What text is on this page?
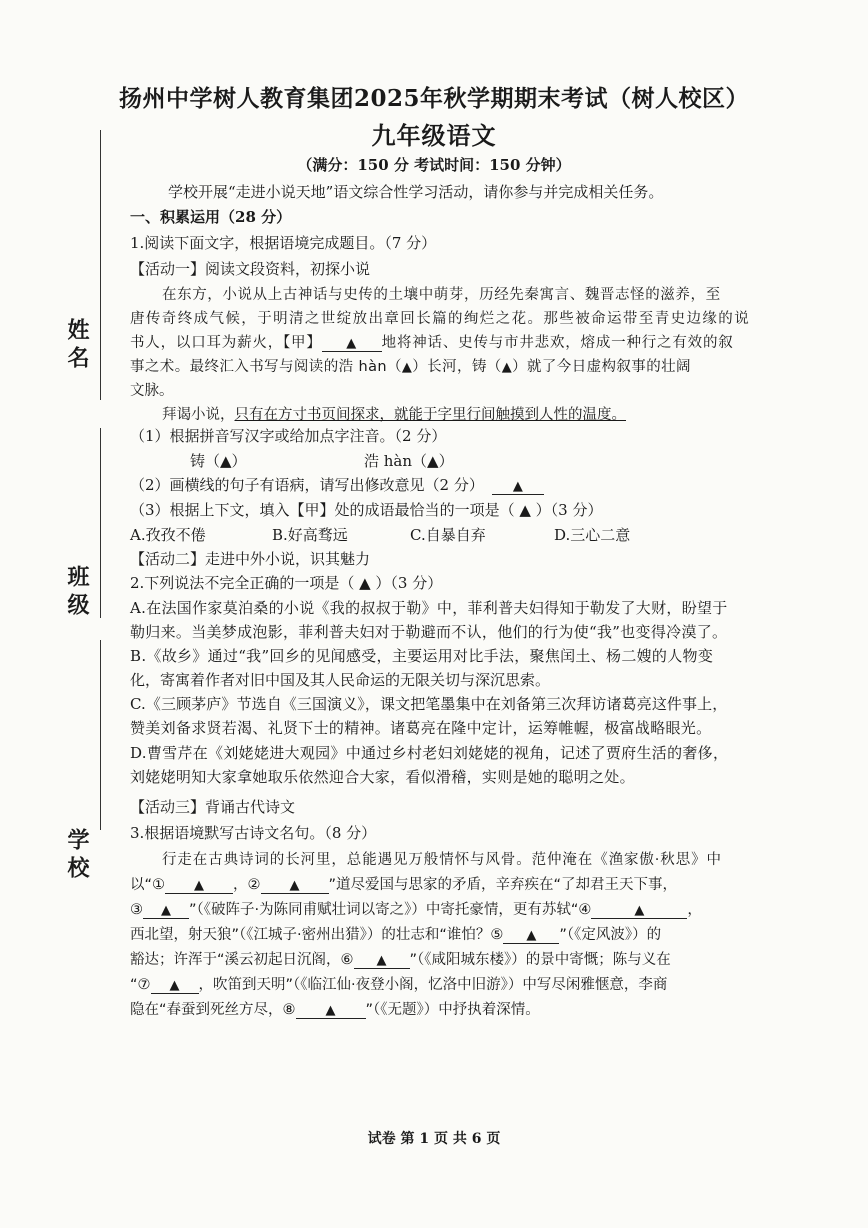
姓名
班级
学校
扬州中学树人教育集团2025年秋学期期末考试（树人校区）
九年级语文
（满分：150 分 考试时间：150 分钟）
学校开展“走进小说天地”语文综合性学习活动，请你参与并完成相关任务。
一、积累运用（28 分）
1.阅读下面文字，根据语境完成题目。（7 分）
【活动一】阅读文段资料，初探小说
在东方，小说从上古神话与史传的土壤中萌芽，历经先秦寓言、魏晋志怪的滋养，至
唐传奇终成气候，于明清之世绽放出章回长篇的绚烂之花。那些被命运带至青史边缘的说
书人，以口耳为薪火，【甲】 ▲ 地将神话、史传与市井悲欢，熔成一种行之有效的叙
事之术。最终汇入书写与阅读的浩 hàn（▲）长河，铸（▲）就了今日虚构叙事的壮阔
文脉。
拜谒小说，只有在方寸书页间探求，就能于字里行间触摸到人性的温度。
（1）根据拼音写汉字或给加点字注音。（2 分）
铸（▲）	浩 hàn（▲）
（2）画横线的句子有语病，请写出修改意见（2 分） ▲
（3）根据上下文，填入【甲】处的成语最恰当的一项是（ ▲ ）（3 分）
A.孜孜不倦	B.好高骛远	C.自暴自弃	D.三心二意
【活动二】走进中外小说，识其魅力
2.下列说法不完全正确的一项是（ ▲ ）（3 分）
A.在法国作家莫泊桑的小说《我的叔叔于勒》中，菲利普夫妇得知于勒发了大财，盼望于
勒归来。当美梦成泡影，菲利普夫妇对于勒避而不认，他们的行为使“我”也变得冷漠了。
B.《故乡》通过“我”回乡的见闻感受，主要运用对比手法，聚焦闰土、杨二嫂的人物变
化，寄寓着作者对旧中国及其人民命运的无限关切与深沉思索。
C.《三顾茅庐》节选自《三国演义》，课文把笔墨集中在刘备第三次拜访诸葛亮这件事上，
赞美刘备求贤若渴、礼贤下士的精神。诸葛亮在隆中定计，运筹帷幄，极富战略眼光。
D.曹雪芹在《刘姥姥进大观园》中通过乡村老妇刘姥姥的视角，记述了贾府生活的奢侈，
刘姥姥明知大家拿她取乐依然迎合大家，看似滑稽，实则是她的聪明之处。
【活动三】背诵古代诗文
3.根据语境默写古诗文名句。（8 分）
行走在古典诗词的长河里，总能遇见万般情怀与风骨。范仲淹在《渔家傲·秋思》中
以“① ▲ ，② ▲ ”道尽爱国与思家的矛盾，辛弃疾在“了却君王天下事，
③ ▲ ”（《破阵子·为陈同甫赋壮词以寄之》）中寄托豪情，更有苏轼“④	▲	，
西北望，射天狼”（《江城子·密州出猎》）的壮志和“谁怕？⑤ ▲ ”（《定风波》）的
豁达；许浑于“溪云初起日沉阁，⑥ ▲ ”（《咸阳城东楼》）的景中寄慨；陈与义在
“⑦ ▲ ，吹笛到天明”（《临江仙·夜登小阁，忆洛中旧游》）中写尽闲雅惬意，李商
隐在“春蚕到死丝方尽，⑧ ▲ ”（《无题》）中抒执着深情。
试卷 第 1 页 共 6 页
